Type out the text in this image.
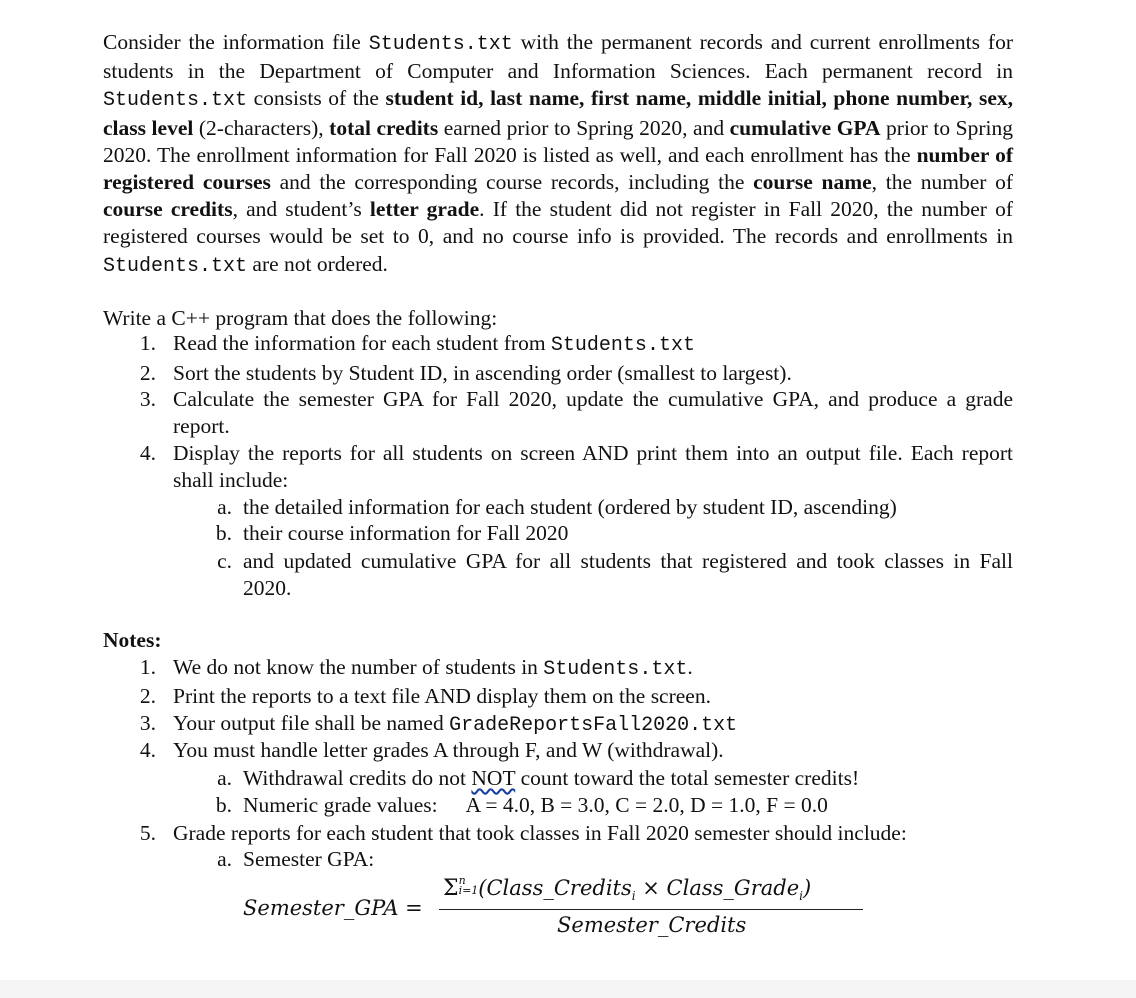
Consider the information file Students.txt with the permanent records and current enrollments for students in the Department of Computer and Information Sciences. Each permanent record in Students.txt consists of the student id, last name, first name, middle initial, phone number, sex, class level (2-characters), total credits earned prior to Spring 2020, and cumulative GPA prior to Spring 2020. The enrollment information for Fall 2020 is listed as well, and each enrollment has the number of registered courses and the corresponding course records, including the course name, the number of course credits, and student’s letter grade. If the student did not register in Fall 2020, the number of registered courses would be set to 0, and no course info is provided. The records and enrollments in Students.txt are not ordered.
Write a C++ program that does the following:
1. Read the information for each student from Students.txt
2. Sort the students by Student ID, in ascending order (smallest to largest).
3. Calculate the semester GPA for Fall 2020, update the cumulative GPA, and produce a grade report.
4. Display the reports for all students on screen AND print them into an output file. Each report shall include:
a. the detailed information for each student (ordered by student ID, ascending)
b. their course information for Fall 2020
c. and updated cumulative GPA for all students that registered and took classes in Fall 2020.
Notes:
1. We do not know the number of students in Students.txt.
2. Print the reports to a text file AND display them on the screen.
3. Your output file shall be named GradeReportsFall2020.txt
4. You must handle letter grades A through F, and W (withdrawal).
a. Withdrawal credits do not NOT count toward the total semester credits!
b. Numeric grade values: A = 4.0, B = 3.0, C = 2.0, D = 1.0, F = 0.0
5. Grade reports for each student that took classes in Fall 2020 semester should include:
a. Semester GPA:
Semester_GPA =
Σn
i=1(Class_Credits$_i$ × Class_Grade$_i$)
Semester_Credits
